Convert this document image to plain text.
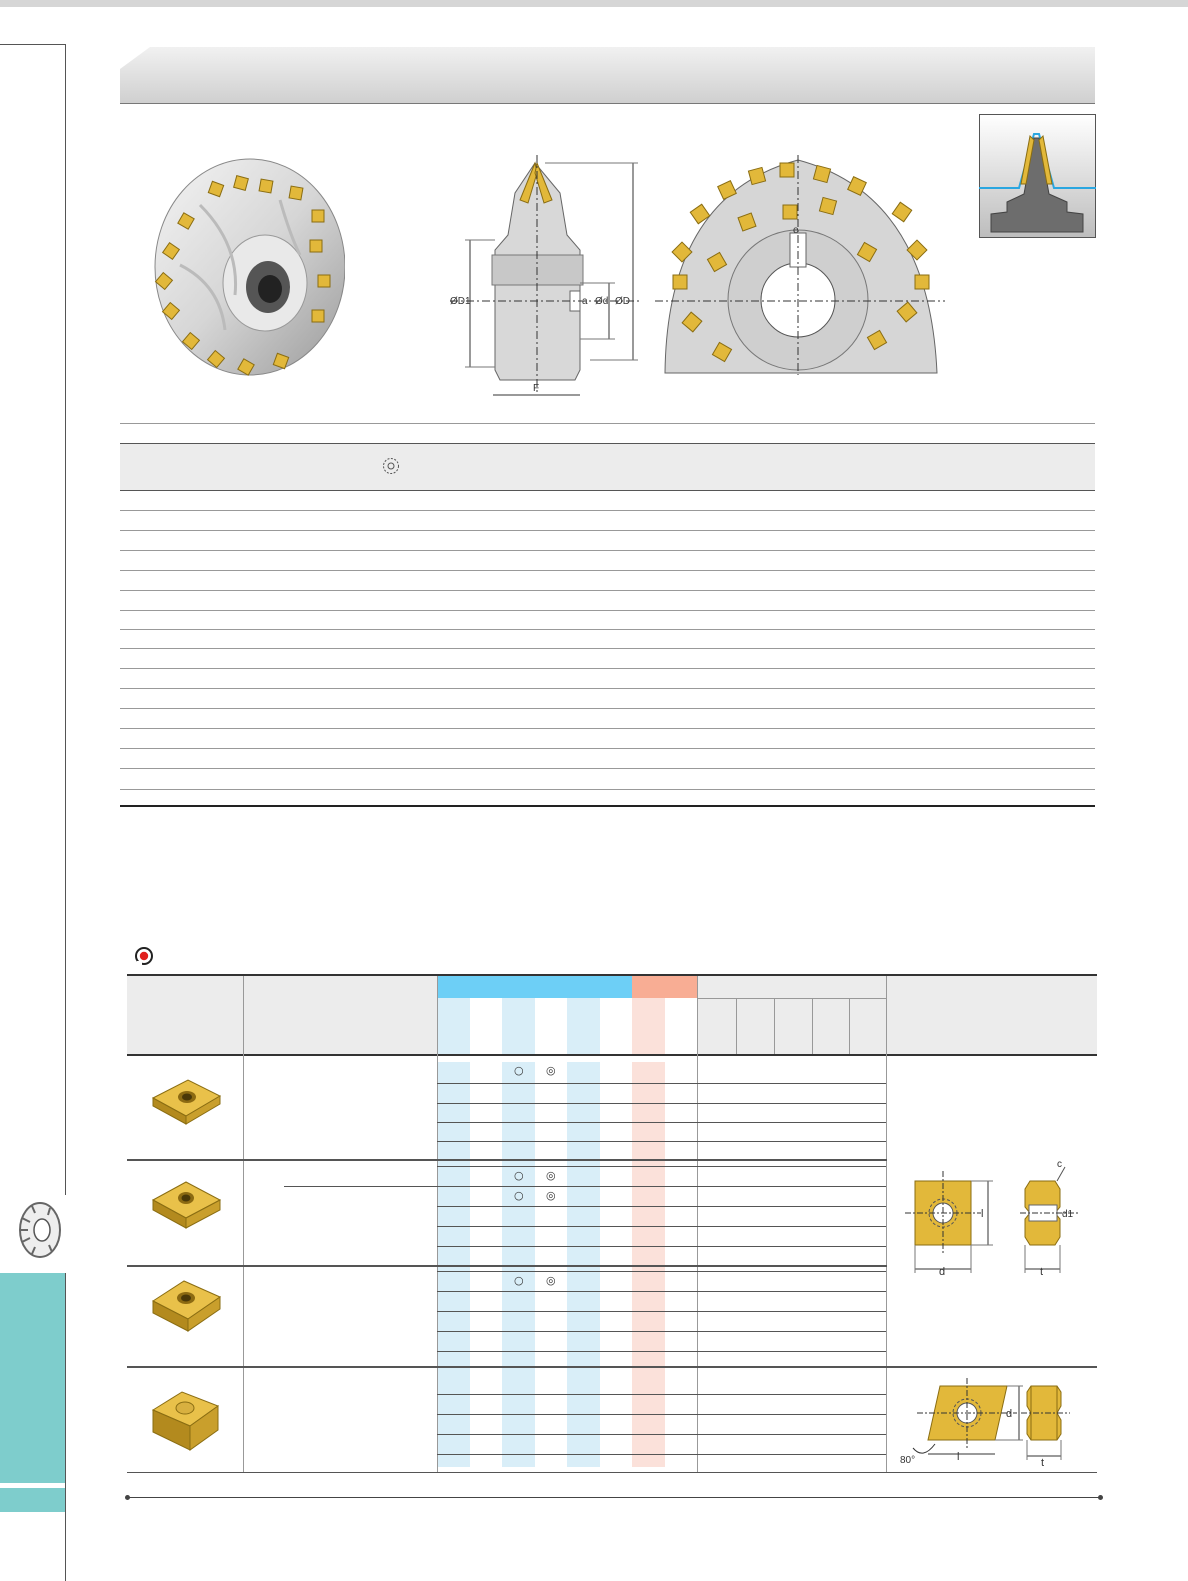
ØD1	a Ød ØD
F
e
○ ◎
○ ◎
○ ◎
○ ◎
c
l
d
d1
t
d
l
80°	t
